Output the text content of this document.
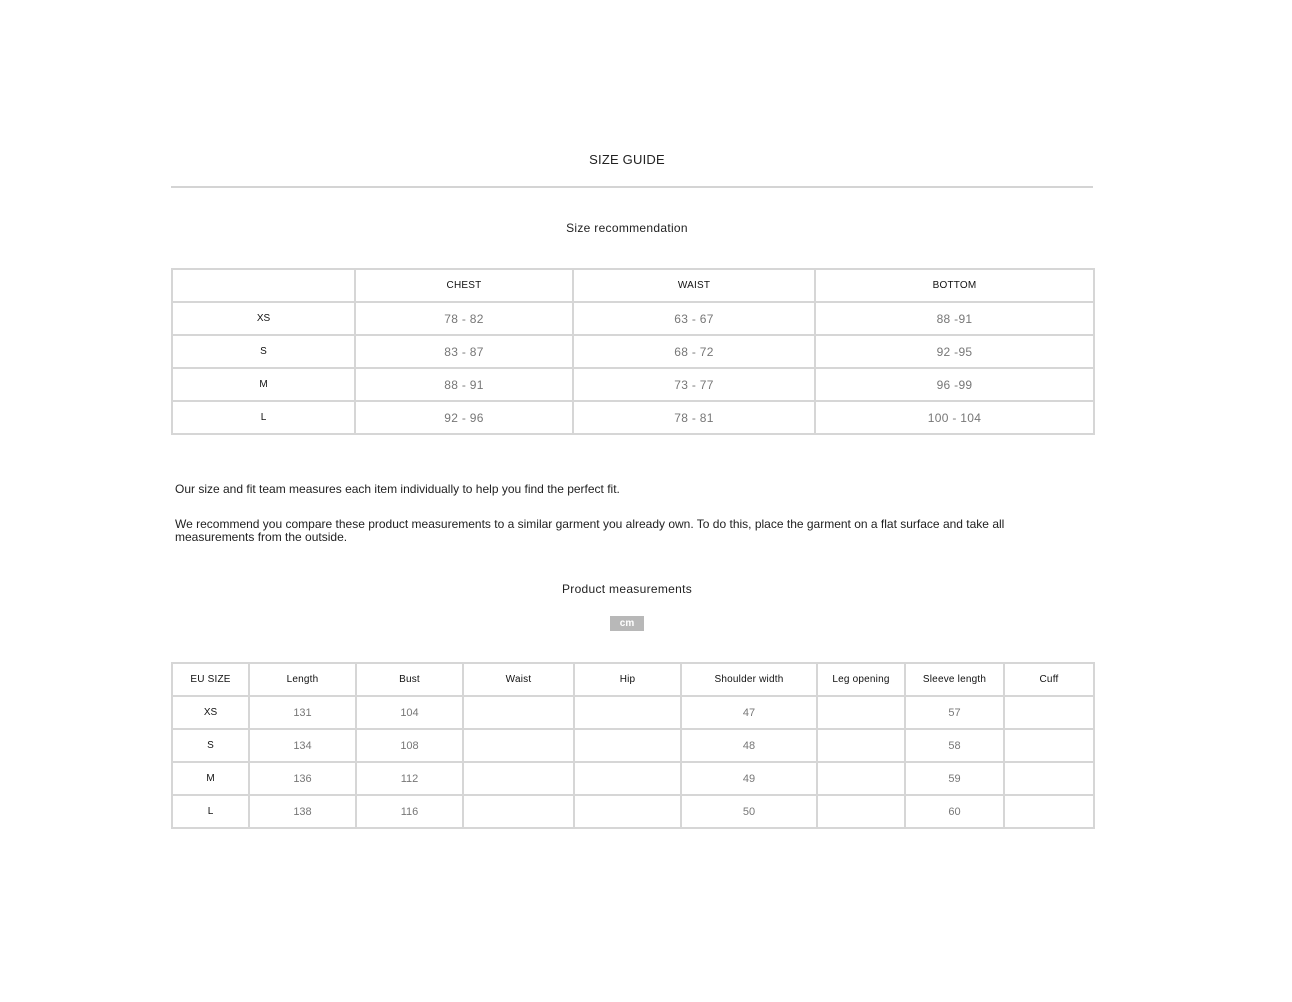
SIZE GUIDE
Size recommendation
	CHEST	WAIST	BOTTOM
XS	78 - 82	63 - 67	88 -91
S	83 - 87	68 - 72	92 -95
M	88 - 91	73 - 77	96 -99
L	92 - 96	78 - 81	100 - 104

Our size and fit team measures each item individually to help you find the perfect fit.

We recommend you compare these product measurements to a similar garment you already own. To do this, place the garment on a flat surface and take all measurements from the outside.

Product measurements
cm
EU SIZE	Length	Bust	Waist	Hip	Shoulder width	Leg opening	Sleeve length	Cuff
XS	131	104			47		57	
S	134	108			48		58	
M	136	112			49		59	
L	138	116			50		60	
